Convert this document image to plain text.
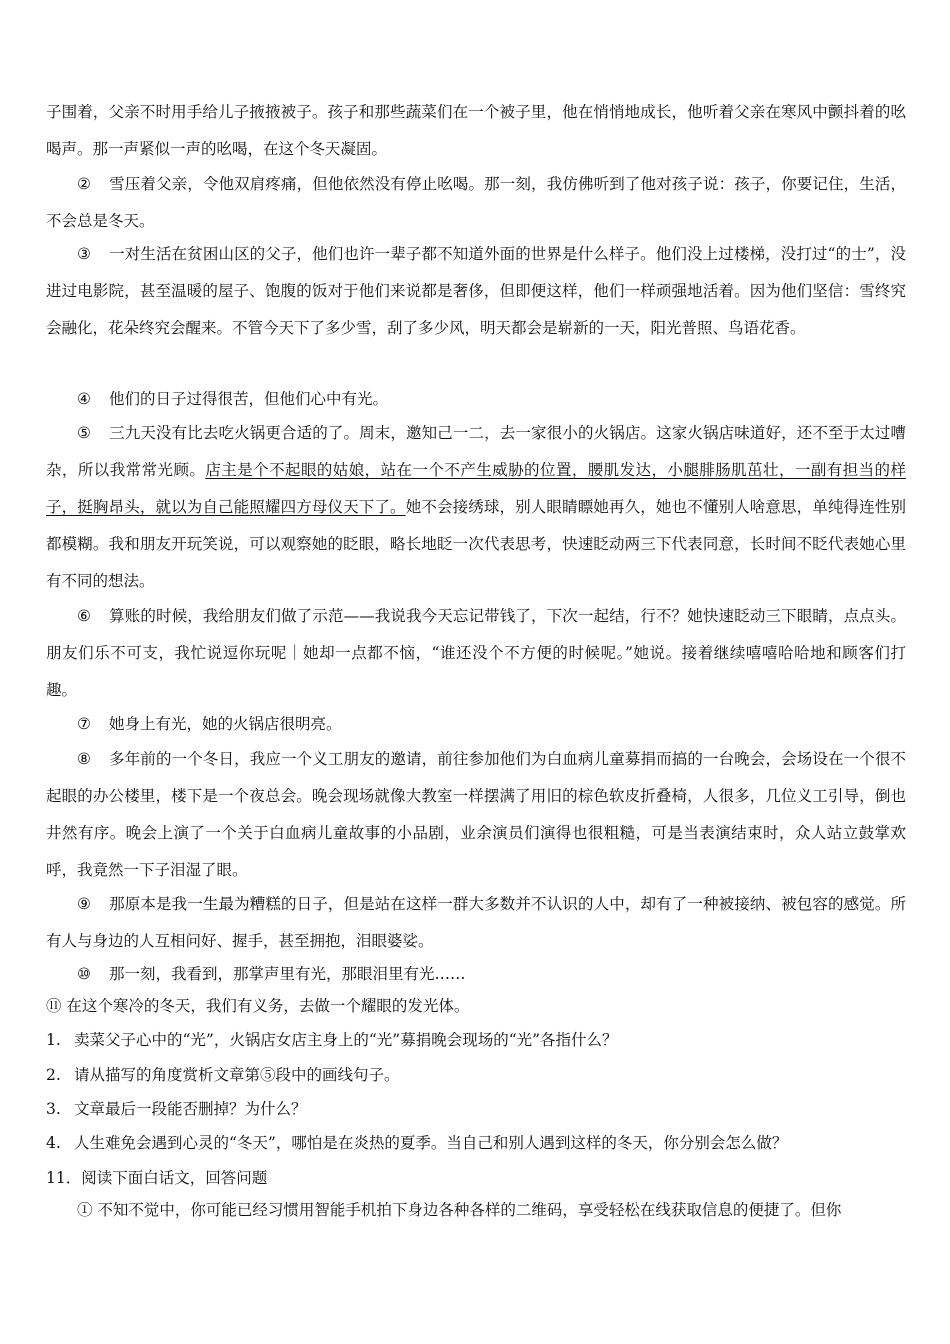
子围着，父亲不时用手给儿子掖掖被子。孩子和那些蔬菜们在一个被子里，他在悄悄地成长，他听着父亲在寒风中颤抖着的吆喝声。那一声紧似一声的吆喝，在这个冬天凝固。

② 雪压着父亲，令他双肩疼痛，但他依然没有停止吆喝。那一刻，我仿佛听到了他对孩子说：孩子，你要记住，生活，不会总是冬天。

③ 一对生活在贫困山区的父子，他们也许一辈子都不知道外面的世界是什么样子。他们没上过楼梯，没打过“的士”，没进过电影院，甚至温暖的屋子、饱腹的饭对于他们来说都是奢侈，但即便这样，他们一样顽强地活着。因为他们坚信：雪终究会融化，花朵终究会醒来。不管今天下了多少雪，刮了多少风，明天都会是崭新的一天，阳光普照、鸟语花香。

④ 他们的日子过得很苦，但他们心中有光。

⑤ 三九天没有比去吃火锅更合适的了。周末，邀知己一二，去一家很小的火锅店。这家火锅店味道好，还不至于太过嘈杂，所以我常常光顾。店主是个不起眼的姑娘，站在一个不产生威胁的位置，腰肌发达，小腿腓肠肌茁壮，一副有担当的样子，挺胸昂头，就以为自己能照耀四方母仪天下了。她不会接绣球，别人眼睛瞟她再久，她也不懂别人啥意思，单纯得连性别都模糊。我和朋友开玩笑说，可以观察她的眨眼，略长地眨一次代表思考，快速眨动两三下代表同意，长时间不眨代表她心里有不同的想法。

⑥ 算账的时候，我给朋友们做了示范——我说我今天忘记带钱了，下次一起结，行不？她快速眨动三下眼睛，点点头。朋友们乐不可支，我忙说逗你玩呢｜她却一点都不恼，“谁还没个不方便的时候呢。”她说。接着继续嘻嘻哈哈地和顾客们打趣。

⑦ 她身上有光，她的火锅店很明亮。

⑧ 多年前的一个冬日，我应一个义工朋友的邀请，前往参加他们为白血病儿童募捐而搞的一台晚会，会场设在一个很不起眼的办公楼里，楼下是一个夜总会。晚会现场就像大教室一样摆满了用旧的棕色软皮折叠椅，人很多，几位义工引导，倒也井然有序。晚会上演了一个关于白血病儿童故事的小品剧，业余演员们演得也很粗糙，可是当表演结束时，众人站立鼓掌欢呼，我竟然一下子泪湿了眼。

⑨ 那原本是我一生最为糟糕的日子，但是站在这样一群大多数并不认识的人中，却有了一种被接纳、被包容的感觉。所有人与身边的人互相问好、握手，甚至拥抱，泪眼婆娑。

⑩ 那一刻，我看到，那掌声里有光，那眼泪里有光……

⑪ 在这个寒冷的冬天，我们有义务，去做一个耀眼的发光体。

1. 卖菜父子心中的“光”，火锅店女店主身上的“光”募捐晚会现场的“光”各指什么？

2. 请从描写的角度赏析文章第⑤段中的画线句子。

3. 文章最后一段能否删掉？为什么？

4. 人生难免会遇到心灵的“冬天”，哪怕是在炎热的夏季。当自己和别人遇到这样的冬天，你分别会怎么做？

11．阅读下面白话文，回答问题

① 不知不觉中，你可能已经习惯用智能手机拍下身边各种各样的二维码，享受轻松在线获取信息的便捷了。但你
